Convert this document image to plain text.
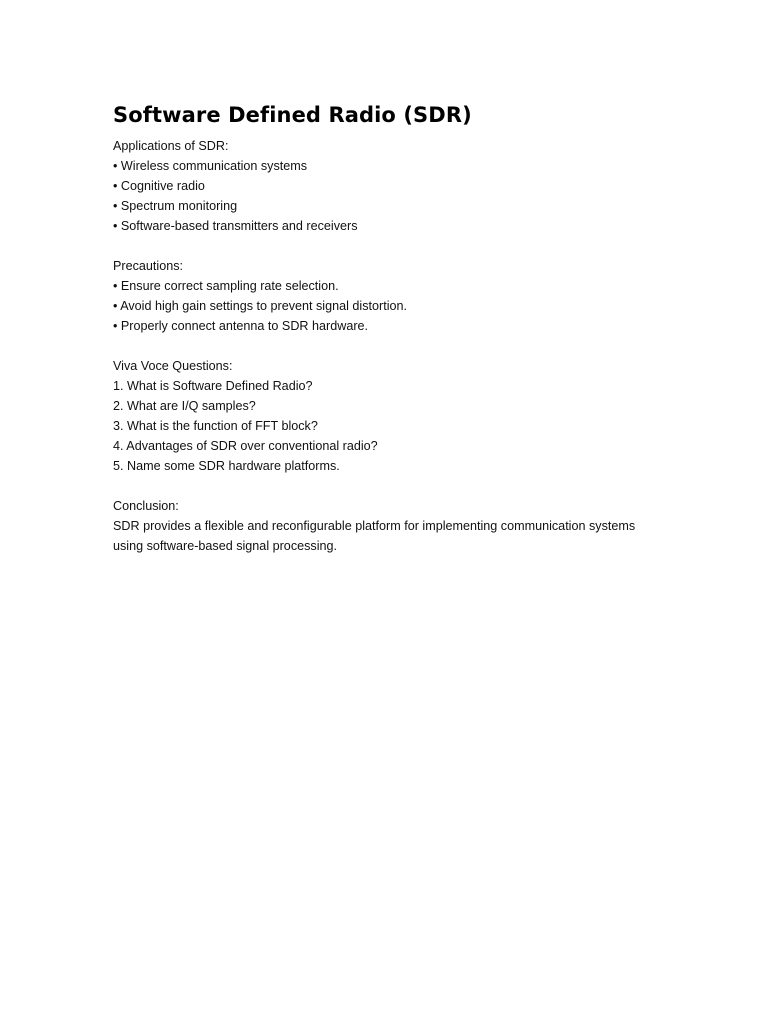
Software Defined Radio (SDR)
Applications of SDR:
• Wireless communication systems
• Cognitive radio
• Spectrum monitoring
• Software-based transmitters and receivers
Precautions:
• Ensure correct sampling rate selection.
• Avoid high gain settings to prevent signal distortion.
• Properly connect antenna to SDR hardware.
Viva Voce Questions:
1. What is Software Defined Radio?
2. What are I/Q samples?
3. What is the function of FFT block?
4. Advantages of SDR over conventional radio?
5. Name some SDR hardware platforms.
Conclusion:
SDR provides a flexible and reconfigurable platform for implementing communication systems
using software-based signal processing.
